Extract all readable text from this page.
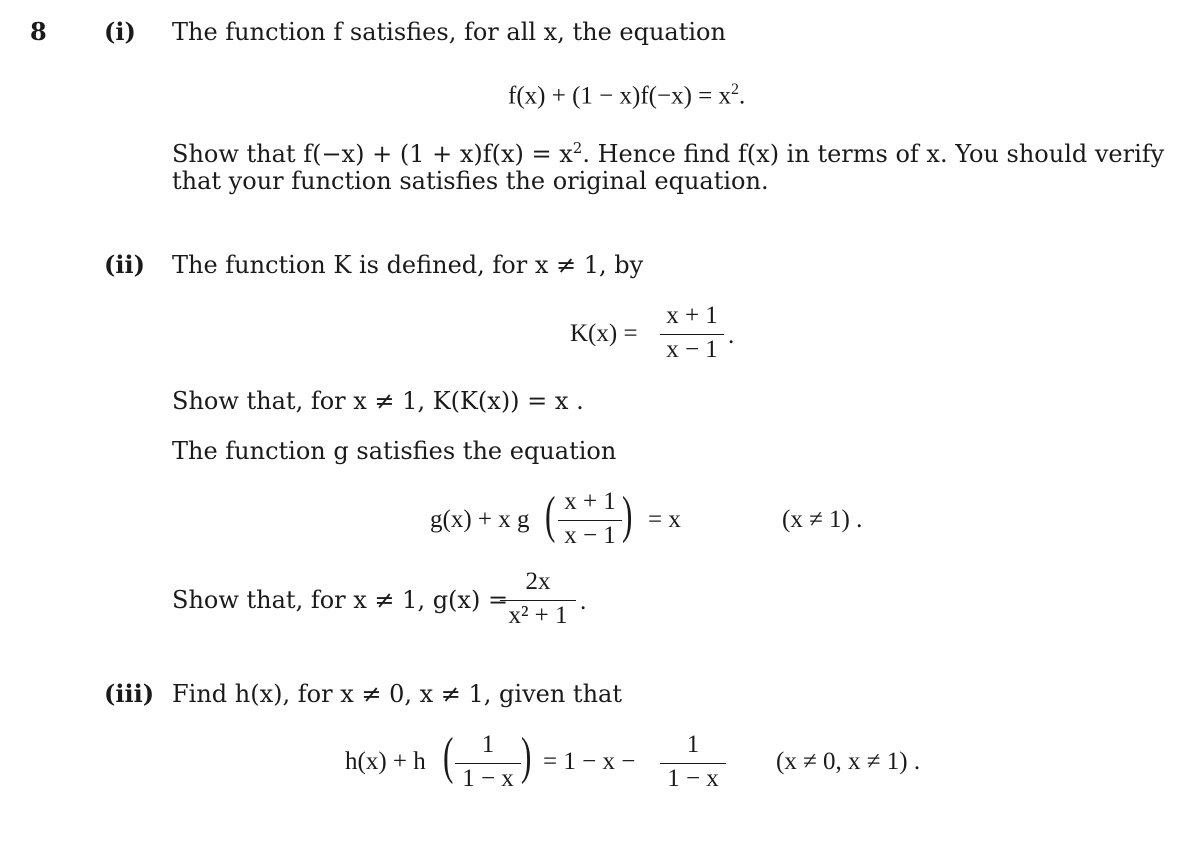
8 (i) The function f satisfies, for all x, the equation
$f(x) + (1 - x)f(-x) = x^2$.
Show that $f(-x) + (1 + x)f(x) = x^2$. Hence find f(x) in terms of x. You should verify
that your function satisfies the original equation.
(ii) The function K is defined, for x ≠ 1, by
K(x) =
x + 1
x − 1
.
Show that, for x ≠ 1, K(K(x)) = x .
The function g satisfies the equation
g(x) + x g ( x + 1
x − 1 ) = x	(x ≠ 1) .
Show that, for x ≠ 1, g(x) =
2x
x² + 1
.
(iii) Find h(x), for x ≠ 0, x ≠ 1, given that
h(x) + h (	1
1 − x ) = 1 − x −
1
1 − x
(x ≠ 0, x ≠ 1) .
